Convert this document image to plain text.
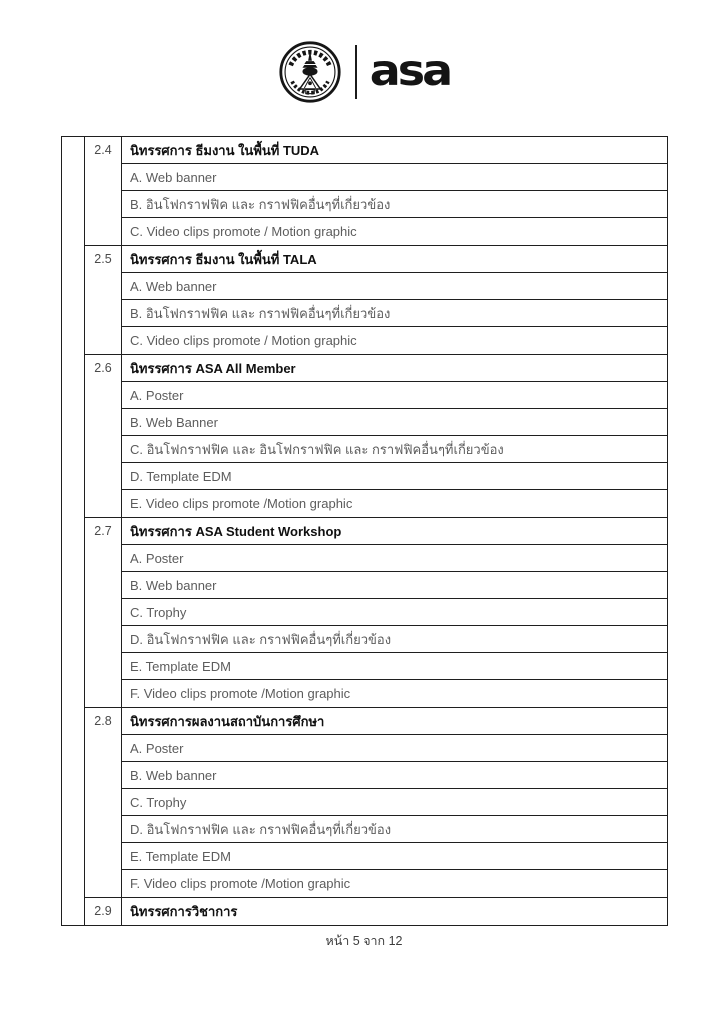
asa
2.4	นิทรรศการ ธีมงาน ในพื้นที่ TUDA
A. Web banner
B. อินโฟกราฟฟิค และ กราฟฟิคอื่นๆที่เกี่ยวข้อง
C. Video clips promote / Motion graphic
2.5	นิทรรศการ ธีมงาน ในพื้นที่ TALA
A. Web banner
B. อินโฟกราฟฟิค และ กราฟฟิคอื่นๆที่เกี่ยวข้อง
C. Video clips promote / Motion graphic
2.6	นิทรรศการ ASA All Member
A. Poster
B. Web Banner
C. อินโฟกราฟฟิค และ อินโฟกราฟฟิค และ กราฟฟิคอื่นๆที่เกี่ยวข้อง
D. Template EDM
E. Video clips promote /Motion graphic
2.7	นิทรรศการ ASA Student Workshop
A. Poster
B. Web banner
C. Trophy
D. อินโฟกราฟฟิค และ กราฟฟิคอื่นๆที่เกี่ยวข้อง
E. Template EDM
F. Video clips promote /Motion graphic
2.8	นิทรรศการผลงานสถาบันการศึกษา
A. Poster
B. Web banner
C. Trophy
D. อินโฟกราฟฟิค และ กราฟฟิคอื่นๆที่เกี่ยวข้อง
E. Template EDM
F. Video clips promote /Motion graphic
2.9	นิทรรศการวิชาการ
หน้า 5 จาก 12
